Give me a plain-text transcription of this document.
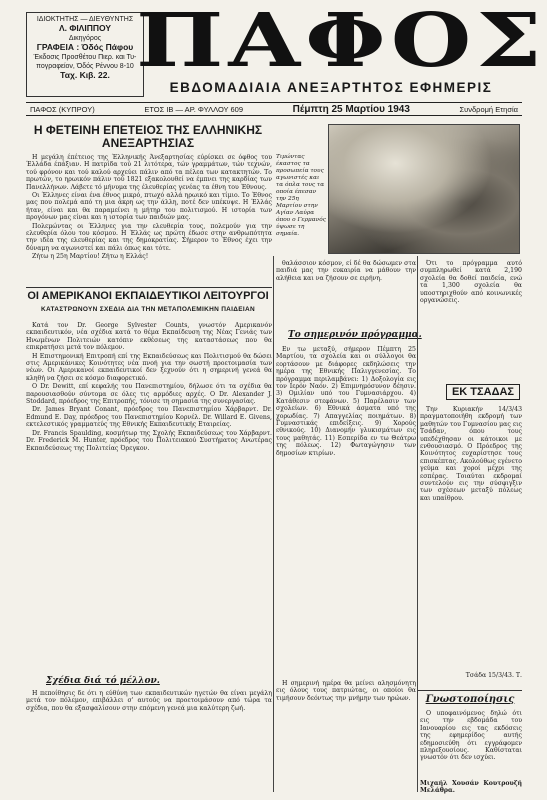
ΙΔΙΟΚΤΗΤΗΣ — ΔΙΕΥΘΥΝΤΗΣ
Λ. ΦΙΛΙΠΠΟΥ
Δικηγόρος
ΓΡΑΦΕΙΑ : Όδός Πάφου
Έκδοσις Προσθέτου Πιερ. και Τυ-
πογραφείον, Όδός Ρέννου 8-10
Ταχ. Κιβ. 22. ΠΑΦΟΣ
ΕΒΔΟΜΑΔΙΑΙΑ ΑΝΕΞΑΡΤΗΤΟΣ ΕΦΗΜΕΡΙΣ
ΠΑΦΟΣ (ΚΥΠΡΟΥ)	ΕΤΟΣ ΙΒ — ΑΡ. ΦΥΛΛΟΥ 609	Πέμπτη 25 Μαρτίου 1943	Συνδρομή Ετησία
Η ΦΕΤΕΙΝΗ ΕΠΕΤΕΙΟΣ ΤΗΣ ΕΛΛΗΝΙΚΗΣ ΑΝΕΞΑΡΤΗΣΙΑΣ

Η μεγάλη έπέτειος της Έλληνικής Άνεξαρτησίας εύρίσκει σε όφθος του Έλλάδα έπάξιαν. Η πατρίδα τού 21 λιτότερα, τών γραμμάτων, τών τεχνών, τού φρόνον και τού καλού αρχεύει πάλιν από τα πέλεα των κατακτητών. Το πρωτών, το ηρωικόν πάλιν τού 1821 εξακολουθεί να έμπνει της καρδίας των Πανελλήνων. Λάβετε τό μήνυμα της έλευθερίας γενέας τα έθνη του Έθνους.

Οι Έλληνες είναι ένα έθνος μικρό, πτωχό αλλά ηρωικό και τίμιο. Το Έθνος μας που πολεμά από τη μια άκρη ως την άλλη, ποτέ δεν υπέκυψε. Η Έλλάς ήταν, είναι και θα παραμείνει η μήτηρ του πολιτισμού. Η ιστορία των προγόνων μας είναι και η ιστορία των παιδιών μας.

Πολεμώντας οι Έλληνες για την ελευθερία τους, πολεμούν για την ελευθερία όλου του κόσμου. Η Έλλάς ως πρώτη έδωσε στην ανθρωπότητα την ιδέα της ελευθερίας και της δημοκρατίας. Σήμερον το Έθνος έχει την δύναμη να αγωνιστεί και πάλι όπως και τότε.

Ζήτω η 25η Μαρτίου! Ζήτω η Ελλάς!

Τιμώντας έκαστος τα προσωπεία τους αγωνιστές και τα όπλα τους τα οποία έπεσαν την 25η Μαρτίου στην Αγίαν Λαύρα όπου ο Γερμανός ύψωσε τη σημαία.
ΟΙ ΑΜΕΡΙΚΑΝΟΙ ΕΚΠΑΙΔΕΥΤΙΚΟΙ ΛΕΙΤΟΥΡΓΟΙ
ΚΑΤΑΣΤΡΩΝΟΥΝ ΣΧΕΔΙΑ ΔΙΑ ΤΗΝ ΜΕΤΑΠΟΛΕΜΙΚΗΝ ΠΑΙΔΕΙΑΝ

Κατά τον Dr. George Sylvester Counts, γνωστόν Αμερικανόν εκπαιδευτικόν, νέα σχέδια κατά το θέμα Εκπαίδευση της Νέας Γενιάς των Ηνωμένων Πολιτειών κατόπιν εκθέσεως της καταστάσεως που θα επικρατήσει μετά τον πόλεμον.

Η Επιστημονική Επιτροπή επί της Εκπαιδεύσεως και Πολιτισμού θα δώσει στις Αμερικάνικες Κοινότητες νέα πνοή για την σωστή προετοιμασία των νέων. Οι Αμερικανοί εκπαιδευτικοί δεν ξεχνούν ότι η σημερινή γενεά θα κληθή να ζήσει σε κόσμο διαφορετικό.

Ο Dr. Dewitt, επί κεφαλής του Πανεπιστημίου, δήλωσε ότι τα σχέδια θα παρουσιασθούν σύντομα σε όλες τις αρμόδιες αρχές. Ο Dr. Alexander J. Stoddard, πρόεδρος της Επιτροπής, τόνισε τη σημασία της συνεργασίας.

Dr. James Bryant Conant, πρόεδρος του Πανεπιστημίου Χάρβαρντ. Dr. Edmund E. Day, πρόεδρος του Πανεπιστημίου Κορνέλ. Dr. Willard E. Givens, εκτελεστικός γραμματεύς της Εθνικής Εκπαιδευτικής Εταιρείας.

Dr. Francis Spaulding, κοσμήτωρ της Σχολής Εκπαιδεύσεως του Χάρβαρντ. Dr. Frederick M. Hunter, πρόεδρος του Πολιτειακού Συστήματος Ανωτέρας Εκπαιδεύσεως της Πολιτείας Όρεγκον.

Σχέδια διά τό μέλλον.

Η πεποίθησις δε ότι η εύθύνη των εκπαιδευτικών ηγετών θα είναι μεγάλη μετά τον πόλεμον, επιβάλλει σ' αυτούς να προετοιμάσουν από τώρα τα σχέδια, που θα εξασφαλίσουν στην επόμενη γενεά μια καλύτερη ζωή.

θαλάσσιον κόσμον, εί δέ θα δώσωμεν στα παιδιά μας την ευκαιρία να μάθουν την αλήθεια και να ζήσουν σε ειρήνη.

Το σημερινόν πρόγραμμα.

Εν τω μεταξύ, σήμερον Πέμπτη 25 Μαρτίου, τα σχολεία και οι σύλλογοι θα εορτάσουν με διάφορες εκδηλώσεις την ημέρα της Εθνικής Παλιγγενεσίας. Το πρόγραμμα περιλαμβάνει: 1) Δοξολογία εις τον Ιερόν Ναόν. 2) Επιμνημόσυνον δέησιν. 3) Ομιλίαν υπό του Γυμνασιάρχου. 4) Κατάθεσιν στεφάνων. 5) Παρέλασιν των σχολείων. 6) Εθνικά άσματα υπό της χορωδίας. 7) Απαγγελίας ποιημάτων. 8) Γυμναστικάς επιδείξεις. 9) Χορούς εθνικούς. 10) Διανομήν γλυκισμάτων εις τους μαθητάς. 11) Εσπερίδα εν τω Θεάτρω της πόλεως. 12) Φωταγώγησιν των δημοσίων κτιρίων.

Η σημερινή ημέρα θα μείνει αλησμόνητη εις όλους τους πατριώτας, οι οποίοι θα τιμήσουν δεόντως την μνήμην των ηρώων.

Ότι το πρόγραμμα αυτό συμπληρωθεί κατά 2,190 σχολεία θα δοθεί παιδεία, ενώ τα 1,300 σχολεία θα υποστηριχθούν από κοινωνικές οργανώσεις.

ΕΚ ΤΣΑΔΑΣ

Την Κυριακήν 14/3/43 πραγματοποιήθη εκδρομή των μαθητών του Γυμνασίου μας εις Τσάδαν, όπου τους υπεδέχθησαν οι κάτοικοι με ενθουσιασμό. Ο Πρόεδρος της Κοινότητος ευχαρίστησε τους επισκέπτας. Ακολούθως εγένετο γεύμα και χοροί μέχρι της εσπέρας. Τοιαύται εκδρομαί συντελούν εις την σύσφιγξιν των σχέσεων μεταξύ πόλεως και υπαίθρου.

Τσάδα 15/3/43. Τ.
Γνωστοποίησις

Ο υποφαινόμενος δηλώ ότι εις την εβδομάδα του Ιανουαρίου εις τας εκδόσεις της εφημερίδος αυτής εδημοσιεύθη ότι εγγράφομεν πληρεξουσίους. Καθίσταται γνωστόν ότι δεν ισχύει.

Μιχαήλ Χουσάν Κουτρουζή Μελάθρα.
